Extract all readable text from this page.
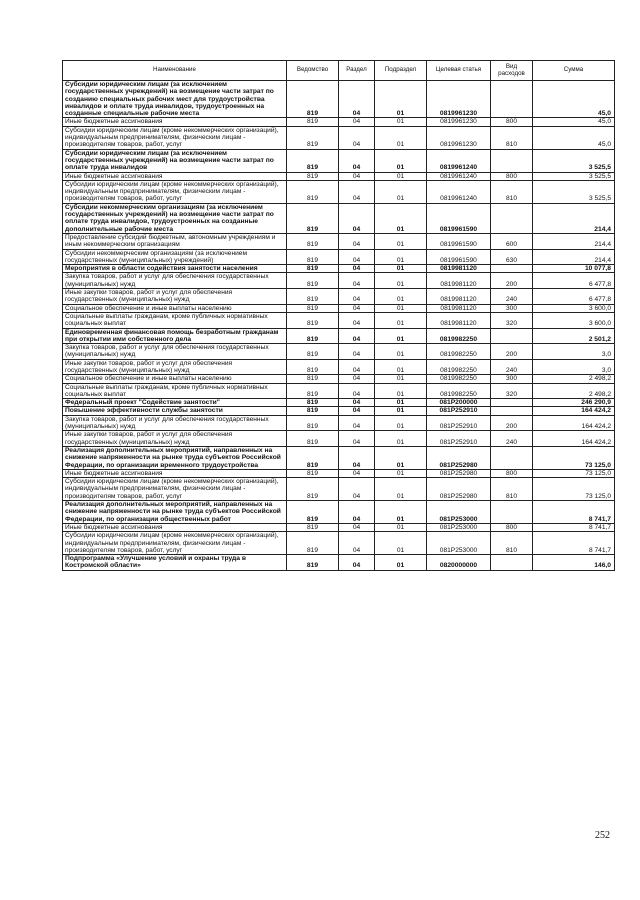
Наименование	Ведомство	Раздел	Подраздел	Целевая статья	Вид расходов	Сумма
Субсидии юридическим лицам (за исключением государственных учреждений) на возмещение части затрат по созданию специальных рабочих мест для трудоустройства инвалидов и оплате труда инвалидов, трудоустроенных на созданные специальные рабочие места	819	04	01	0819961230		45,0
Иные бюджетные ассигнования	819	04	01	0819961230	800	45,0
Субсидии юридическим лицам (кроме некоммерческих организаций), индивидуальным предпринимателям, физическим лицам - производителям товаров, работ, услуг	819	04	01	0819961230	810	45,0
Субсидии юридическим лицам (за исключением государственных учреждений) на возмещение части затрат по оплате труда инвалидов	819	04	01	0819961240		3 525,5
Иные бюджетные ассигнования	819	04	01	0819961240	800	3 525,5
Субсидии юридическим лицам (кроме некоммерческих организаций), индивидуальным предпринимателям, физическим лицам - производителям товаров, работ, услуг	819	04	01	0819961240	810	3 525,5
Субсидии некоммерческим организациям (за исключением государственных учреждений) на возмещение части затрат по оплате труда инвалидов, трудоустроенных на созданные дополнительные рабочие места	819	04	01	0819961590		214,4
Предоставление субсидий бюджетным, автономным учреждениям и иным некоммерческим организациям	819	04	01	0819961590	600	214,4
Субсидии некоммерческим организациям (за исключением государственных (муниципальных) учреждений)	819	04	01	0819961590	630	214,4
Мероприятия в области содействия занятости населения	819	04	01	0819981120		10 077,8
Закупка товаров, работ и услуг для обеспечения государственных (муниципальных) нужд	819	04	01	0819981120	200	6 477,8
Иные закупки товаров, работ и услуг для обеспечения государственных (муниципальных) нужд	819	04	01	0819981120	240	6 477,8
Социальное обеспечение и иные выплаты населению	819	04	01	0819981120	300	3 600,0
Социальные выплаты гражданам, кроме публичных нормативных социальных выплат	819	04	01	0819981120	320	3 600,0
Единовременная финансовая помощь безработным гражданам при открытии ими собственного дела	819	04	01	0819982250		2 501,2
Закупка товаров, работ и услуг для обеспечения государственных (муниципальных) нужд	819	04	01	0819982250	200	3,0
Иные закупки товаров, работ и услуг для обеспечения государственных (муниципальных) нужд	819	04	01	0819982250	240	3,0
Социальное обеспечение и иные выплаты населению	819	04	01	0819982250	300	2 498,2
Социальные выплаты гражданам, кроме публичных нормативных социальных выплат	819	04	01	0819982250	320	2 498,2
Федеральный проект "Содействие занятости"	819	04	01	081P200000		246 290,9
Повышение эффективности службы занятости	819	04	01	081P252910		164 424,2
Закупка товаров, работ и услуг для обеспечения государственных (муниципальных) нужд	819	04	01	081P252910	200	164 424,2
Иные закупки товаров, работ и услуг для обеспечения государственных (муниципальных) нужд	819	04	01	081P252910	240	164 424,2
Реализация дополнительных мероприятий, направленных на снижение напряженности на рынке труда субъектов Российской Федерации, по организации временного трудоустройства	819	04	01	081P252980		73 125,0
Иные бюджетные ассигнования	819	04	01	081P252980	800	73 125,0
Субсидии юридическим лицам (кроме некоммерческих организаций), индивидуальным предпринимателям, физическим лицам - производителям товаров, работ, услуг	819	04	01	081P252980	810	73 125,0
Реализация дополнительных мероприятий, направленных на снижение напряженности на рынке труда субъектов Российской Федерации, по организации общественных работ	819	04	01	081P253000		8 741,7
Иные бюджетные ассигнования	819	04	01	081P253000	800	8 741,7
Субсидии юридическим лицам (кроме некоммерческих организаций), индивидуальным предпринимателям, физическим лицам - производителям товаров, работ, услуг	819	04	01	081P253000	810	8 741,7
Подпрограмма «Улучшение условий и охраны труда в Костромской области»	819	04	01	0820000000		146,0
252
